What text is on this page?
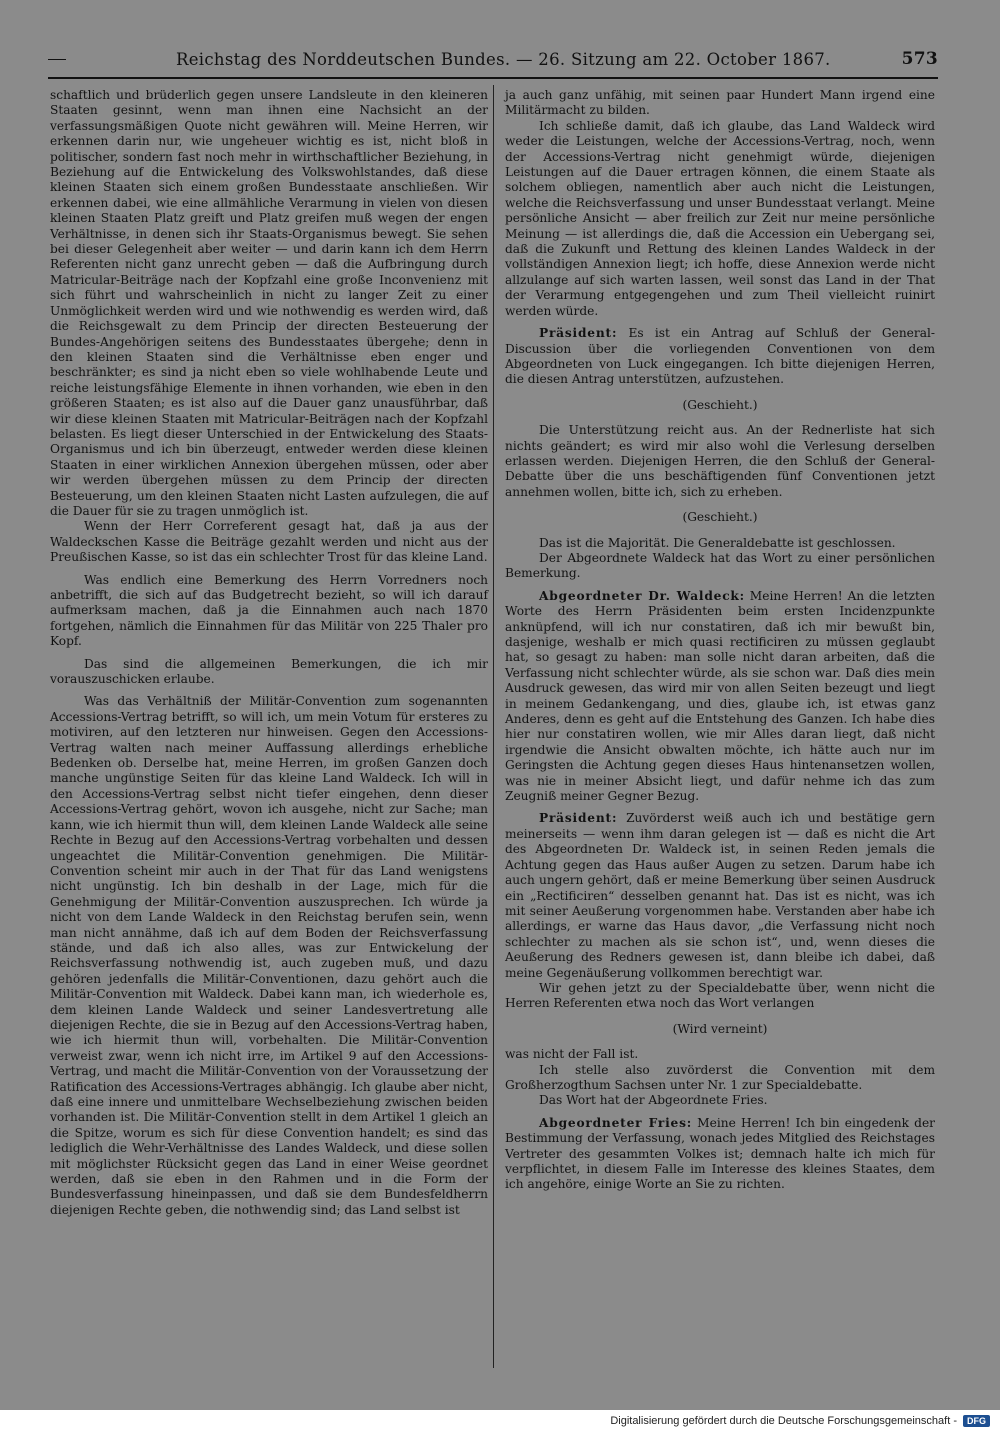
Reichstag des Norddeutschen Bundes. — 26. Sitzung am 22. October 1867.	573

schaftlich und brüderlich gegen unsere Landsleute in den kleineren Staaten gesinnt, wenn man ihnen eine Nachsicht an der verfassungsmäßigen Quote nicht gewähren will. Meine Herren, wir erkennen darin nur, wie ungeheuer wichtig es ist, nicht bloß in politischer, sondern fast noch mehr in wirthschaftlicher Beziehung, in Beziehung auf die Entwickelung des Volkswohlstandes, daß diese kleinen Staaten sich einem großen Bundesstaate anschließen. Wir erkennen dabei, wie eine allmähliche Verarmung in vielen von diesen kleinen Staaten Platz greift und Platz greifen muß wegen der engen Verhältnisse, in denen sich ihr Staats-Organismus bewegt. Sie sehen bei dieser Gelegenheit aber weiter — und darin kann ich dem Herrn Referenten nicht ganz unrecht geben — daß die Aufbringung durch Matricular-Beiträge nach der Kopfzahl eine große Inconvenienz mit sich führt und wahrscheinlich in nicht zu langer Zeit zu einer Unmöglichkeit werden wird und wie nothwendig es werden wird, daß die Reichsgewalt zu dem Princip der directen Besteuerung der Bundes-Angehörigen seitens des Bundesstaates übergehe; denn in den kleinen Staaten sind die Verhältnisse eben enger und beschränkter; es sind ja nicht eben so viele wohlhabende Leute und reiche leistungsfähige Elemente in ihnen vorhanden, wie eben in den größeren Staaten; es ist also auf die Dauer ganz unausführbar, daß wir diese kleinen Staaten mit Matricular-Beiträgen nach der Kopfzahl belasten. Es liegt dieser Unterschied in der Entwickelung des Staats-Organismus und ich bin überzeugt, entweder werden diese kleinen Staaten in einer wirklichen Annexion übergehen müssen, oder aber wir werden übergehen müssen zu dem Princip der directen Besteuerung, um den kleinen Staaten nicht Lasten aufzulegen, die auf die Dauer für sie zu tragen unmöglich ist.

Wenn der Herr Correferent gesagt hat, daß ja aus der Waldeckschen Kasse die Beiträge gezahlt werden und nicht aus der Preußischen Kasse, so ist das ein schlechter Trost für das kleine Land.

Was endlich eine Bemerkung des Herrn Vorredners noch anbetrifft, die sich auf das Budgetrecht bezieht, so will ich darauf aufmerksam machen, daß ja die Einnahmen auch nach 1870 fortgehen, nämlich die Einnahmen für das Militär von 225 Thaler pro Kopf.

Das sind die allgemeinen Bemerkungen, die ich mir vorauszuschicken erlaube.

Was das Verhältniß der Militär-Convention zum sogenannten Accessions-Vertrag betrifft, so will ich, um mein Votum für ersteres zu motiviren, auf den letzteren nur hinweisen. Gegen den Accessions-Vertrag walten nach meiner Auffassung allerdings erhebliche Bedenken ob. Derselbe hat, meine Herren, im großen Ganzen doch manche ungünstige Seiten für das kleine Land Waldeck. Ich will in den Accessions-Vertrag selbst nicht tiefer eingehen, denn dieser Accessions-Vertrag gehört, wovon ich ausgehe, nicht zur Sache; man kann, wie ich hiermit thun will, dem kleinen Lande Waldeck alle seine Rechte in Bezug auf den Accessions-Vertrag vorbehalten und dessen ungeachtet die Militär-Convention genehmigen. Die Militär-Convention scheint mir auch in der That für das Land wenigstens nicht ungünstig. Ich bin deshalb in der Lage, mich für die Genehmigung der Militär-Convention auszusprechen. Ich würde ja nicht von dem Lande Waldeck in den Reichstag berufen sein, wenn man nicht annähme, daß ich auf dem Boden der Reichsverfassung stände, und daß ich also alles, was zur Entwickelung der Reichsverfassung nothwendig ist, auch zugeben muß, und dazu gehören jedenfalls die Militär-Conventionen, dazu gehört auch die Militär-Convention mit Waldeck. Dabei kann man, ich wiederhole es, dem kleinen Lande Waldeck und seiner Landesvertretung alle diejenigen Rechte, die sie in Bezug auf den Accessions-Vertrag haben, wie ich hiermit thun will, vorbehalten. Die Militär-Convention verweist zwar, wenn ich nicht irre, im Artikel 9 auf den Accessions-Vertrag, und macht die Militär-Convention von der Voraussetzung der Ratification des Accessions-Vertrages abhängig. Ich glaube aber nicht, daß eine innere und unmittelbare Wechselbeziehung zwischen beiden vorhanden ist. Die Militär-Convention stellt in dem Artikel 1 gleich an die Spitze, worum es sich für diese Convention handelt; es sind das lediglich die Wehr-Verhältnisse des Landes Waldeck, und diese sollen mit möglichster Rücksicht gegen das Land in einer Weise geordnet werden, daß sie eben in den Rahmen und in die Form der Bundesverfassung hineinpassen, und daß sie dem Bundesfeldherrn diejenigen Rechte geben, die nothwendig sind; das Land selbst ist

ja auch ganz unfähig, mit seinen paar Hundert Mann irgend eine Militärmacht zu bilden.

Ich schließe damit, daß ich glaube, das Land Waldeck wird weder die Leistungen, welche der Accessions-Vertrag, noch, wenn der Accessions-Vertrag nicht genehmigt würde, diejenigen Leistungen auf die Dauer ertragen können, die einem Staate als solchem obliegen, namentlich aber auch nicht die Leistungen, welche die Reichsverfassung und unser Bundesstaat verlangt. Meine persönliche Ansicht — aber freilich zur Zeit nur meine persönliche Meinung — ist allerdings die, daß die Accession ein Uebergang sei, daß die Zukunft und Rettung des kleinen Landes Waldeck in der vollständigen Annexion liegt; ich hoffe, diese Annexion werde nicht allzulange auf sich warten lassen, weil sonst das Land in der That der Verarmung entgegengehen und zum Theil vielleicht ruinirt werden würde.

Präsident: Es ist ein Antrag auf Schluß der General-Discussion über die vorliegenden Conventionen von dem Abgeordneten von Luck eingegangen. Ich bitte diejenigen Herren, die diesen Antrag unterstützen, aufzustehen.

(Geschieht.)

Die Unterstützung reicht aus. An der Rednerliste hat sich nichts geändert; es wird mir also wohl die Verlesung derselben erlassen werden. Diejenigen Herren, die den Schluß der General-Debatte über die uns beschäftigenden fünf Conventionen jetzt annehmen wollen, bitte ich, sich zu erheben.

(Geschieht.)

Das ist die Majorität. Die Generaldebatte ist geschlossen.

Der Abgeordnete Waldeck hat das Wort zu einer persönlichen Bemerkung.

Abgeordneter Dr. Waldeck: Meine Herren! An die letzten Worte des Herrn Präsidenten beim ersten Incidenzpunkte anknüpfend, will ich nur constatiren, daß ich mir bewußt bin, dasjenige, weshalb er mich quasi rectificiren zu müssen geglaubt hat, so gesagt zu haben: man solle nicht daran arbeiten, daß die Verfassung nicht schlechter würde, als sie schon war. Daß dies mein Ausdruck gewesen, das wird mir von allen Seiten bezeugt und liegt in meinem Gedankengang, und dies, glaube ich, ist etwas ganz Anderes, denn es geht auf die Entstehung des Ganzen. Ich habe dies hier nur constatiren wollen, wie mir Alles daran liegt, daß nicht irgendwie die Ansicht obwalten möchte, ich hätte auch nur im Geringsten die Achtung gegen dieses Haus hintenansetzen wollen, was nie in meiner Absicht liegt, und dafür nehme ich das zum Zeugniß meiner Gegner Bezug.

Präsident: Zuvörderst weiß auch ich und bestätige gern meinerseits — wenn ihm daran gelegen ist — daß es nicht die Art des Abgeordneten Dr. Waldeck ist, in seinen Reden jemals die Achtung gegen das Haus außer Augen zu setzen. Darum habe ich auch ungern gehört, daß er meine Bemerkung über seinen Ausdruck ein „Rectificiren“ desselben genannt hat. Das ist es nicht, was ich mit seiner Aeußerung vorgenommen habe. Verstanden aber habe ich allerdings, er warne das Haus davor, „die Verfassung nicht noch schlechter zu machen als sie schon ist“, und, wenn dieses die Aeußerung des Redners gewesen ist, dann bleibe ich dabei, daß meine Gegenäußerung vollkommen berechtigt war.

Wir gehen jetzt zu der Specialdebatte über, wenn nicht die Herren Referenten etwa noch das Wort verlangen

(Wird verneint)

was nicht der Fall ist.

Ich stelle also zuvörderst die Convention mit dem Großherzogthum Sachsen unter Nr. 1 zur Specialdebatte.

Das Wort hat der Abgeordnete Fries.

Abgeordneter Fries: Meine Herren! Ich bin eingedenk der Bestimmung der Verfassung, wonach jedes Mitglied des Reichstages Vertreter des gesammten Volkes ist; demnach halte ich mich für verpflichtet, in diesem Falle im Interesse des kleines Staates, dem ich angehöre, einige Worte an Sie zu richten.

Digitalisierung gefördert durch die Deutsche Forschungsgemeinschaft -	DFG
